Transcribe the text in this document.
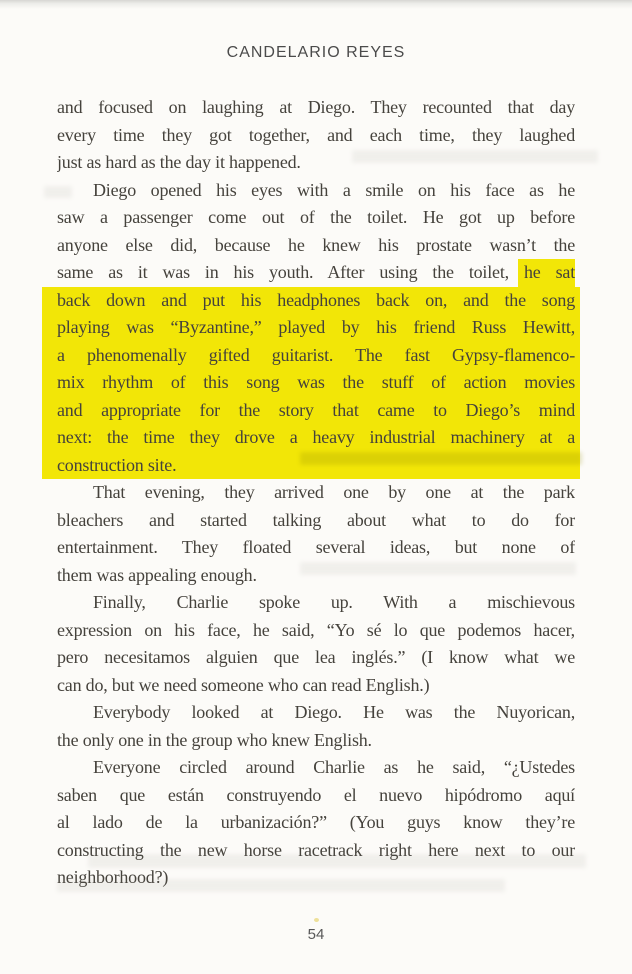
CANDELARIO REYES
and focused on laughing at Diego. They recounted that day
every time they got together, and each time, they laughed
just as hard as the day it happened.
Diego opened his eyes with a smile on his face as he
saw a passenger come out of the toilet. He got up before
anyone else did, because he knew his prostate wasn’t the
same as it was in his youth. After using the toilet, he sat
back down and put his headphones back on, and the song
playing was “Byzantine,” played by his friend Russ Hewitt,
a phenomenally gifted guitarist. The fast Gypsy-flamenco-
mix rhythm of this song was the stuff of action movies
and appropriate for the story that came to Diego’s mind
next: the time they drove a heavy industrial machinery at a
construction site.
That evening, they arrived one by one at the park
bleachers and started talking about what to do for
entertainment. They floated several ideas, but none of
them was appealing enough.
Finally, Charlie spoke up. With a mischievous
expression on his face, he said, “Yo sé lo que podemos hacer,
pero necesitamos alguien que lea inglés.” (I know what we
can do, but we need someone who can read English.)
Everybody looked at Diego. He was the Nuyorican,
the only one in the group who knew English.
Everyone circled around Charlie as he said, “¿Ustedes
saben que están construyendo el nuevo hipódromo aquí
al lado de la urbanización?” (You guys know they’re
constructing the new horse racetrack right here next to our
neighborhood?)
54
